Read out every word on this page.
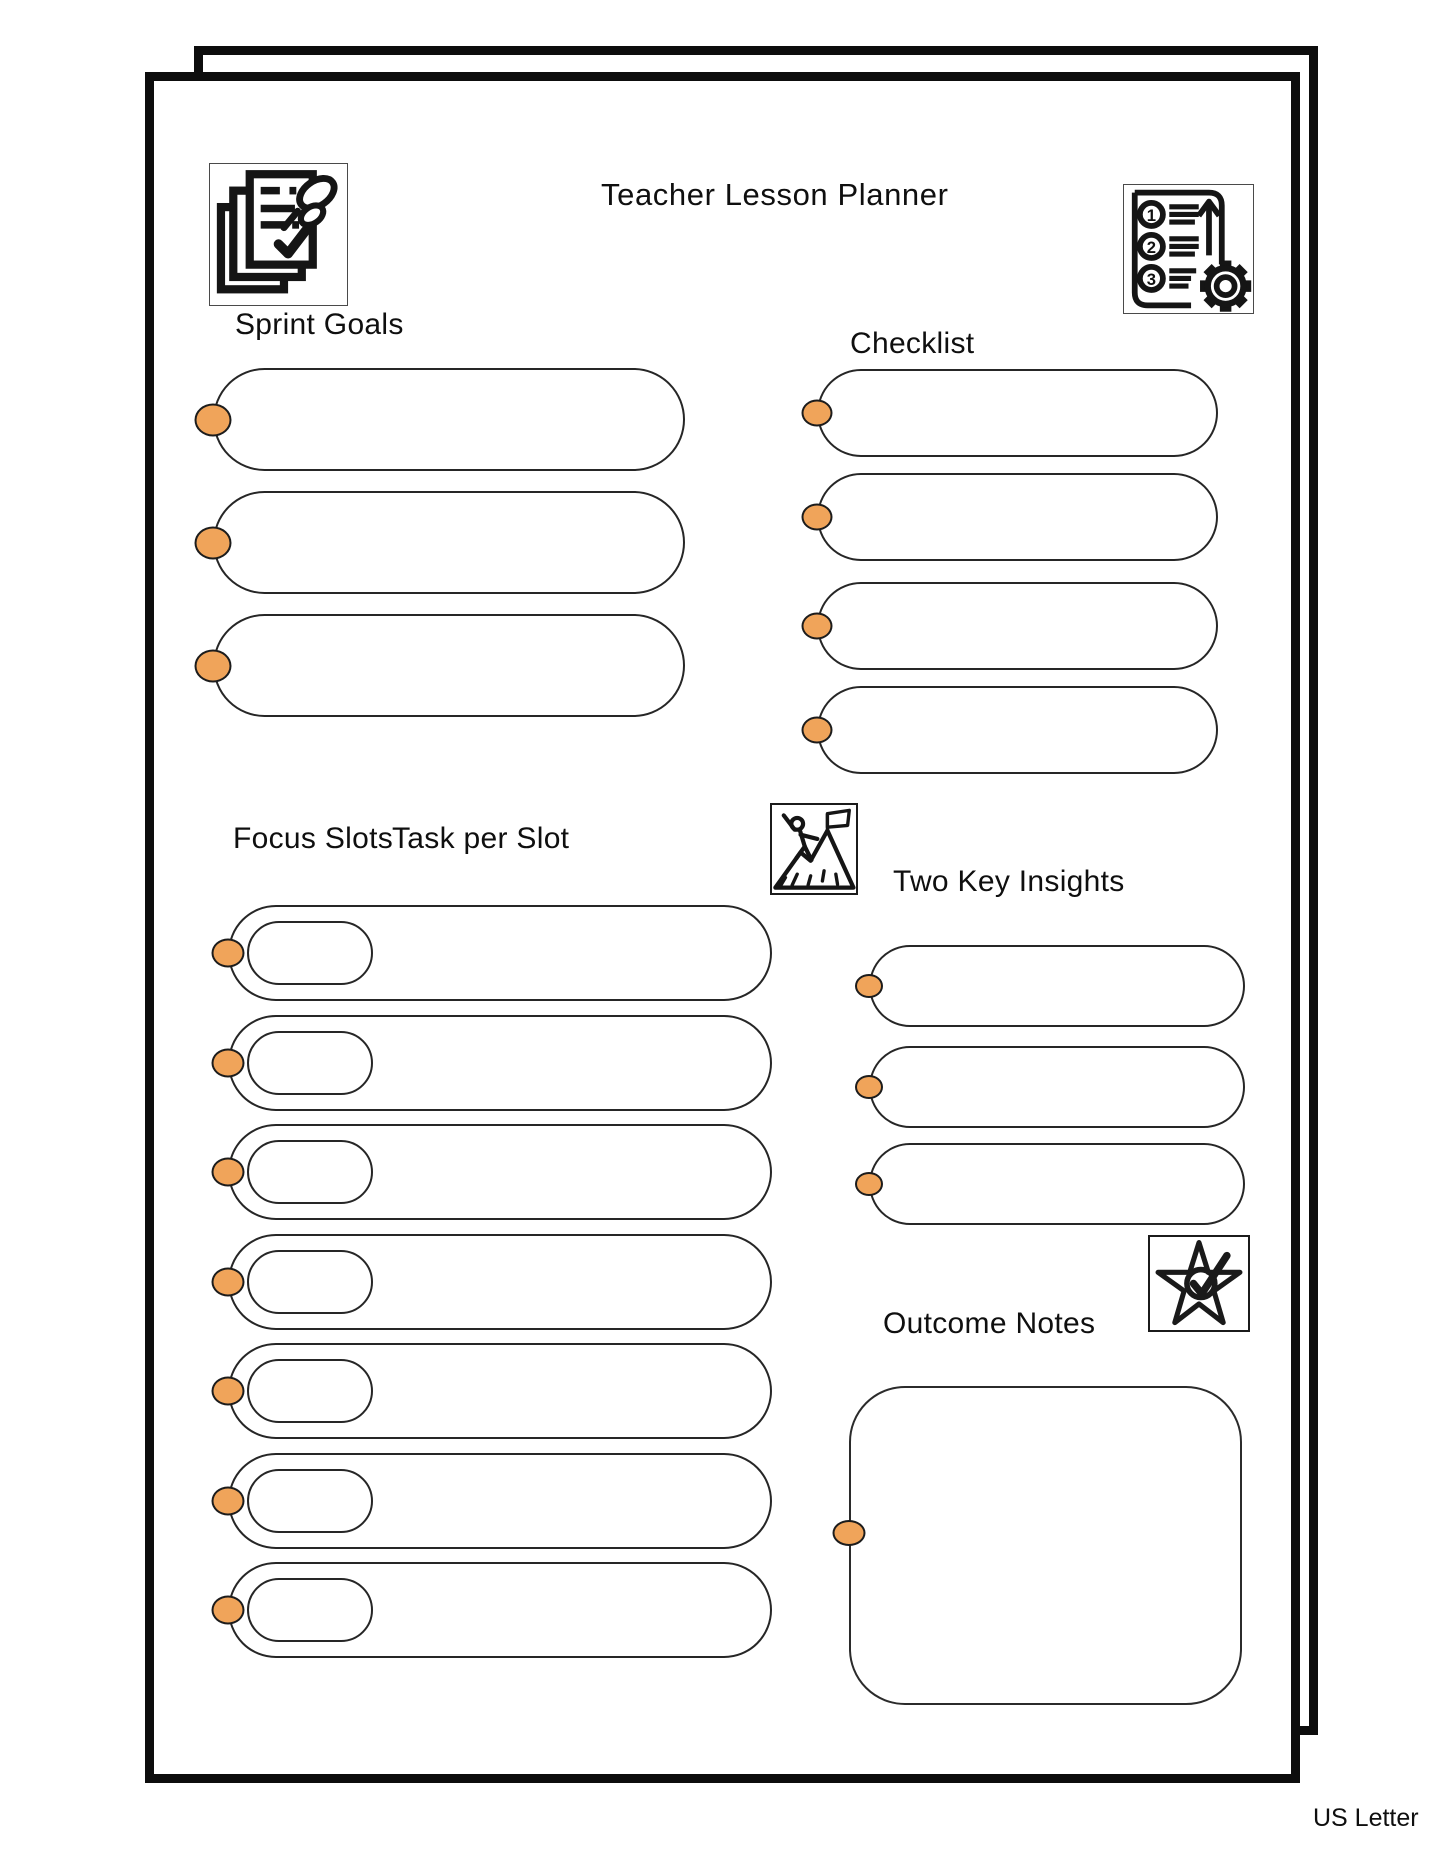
Teacher Lesson Planner
1
2
3
Sprint Goals
Checklist
Focus Slots
Task per Slot
Two Key Insights
Outcome Notes
US Letter
